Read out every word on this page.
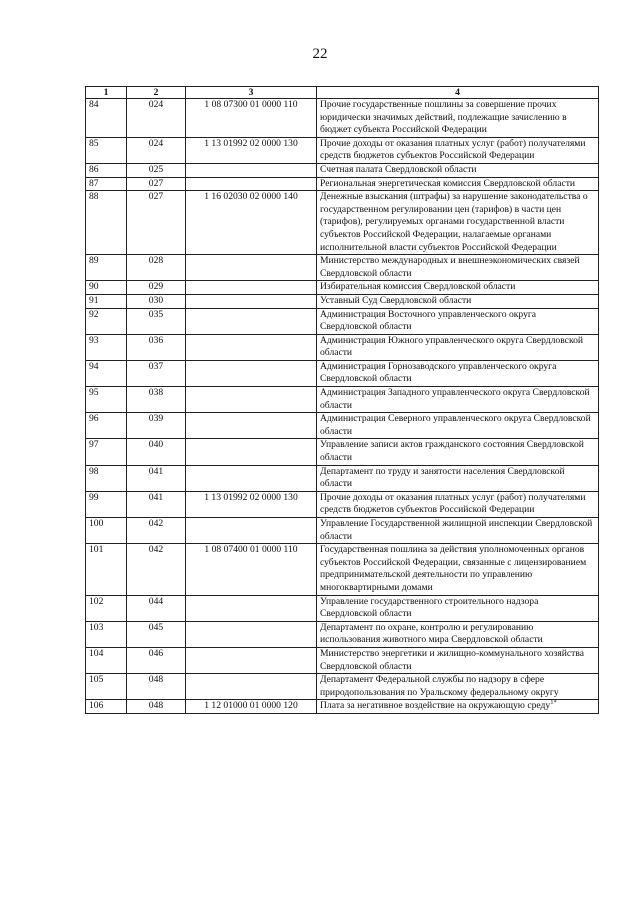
22
1	2	3	4
84	024	1 08 07300 01 0000 110	Прочие государственные пошлины за совершение прочих юридически значимых действий, подлежащие зачислению в бюджет субъекта Российской Федерации
85	024	1 13 01992 02 0000 130	Прочие доходы от оказания платных услуг (работ) получателями средств бюджетов субъектов Российской Федерации
86	025		Счетная палата Свердловской области
87	027		Региональная энергетическая комиссия Свердловской области
88	027	1 16 02030 02 0000 140	Денежные взыскания (штрафы) за нарушение законодательства о государственном регулировании цен (тарифов) в части цен (тарифов), регулируемых органами государственной власти субъектов Российской Федерации, налагаемые органами исполнительной власти субъектов Российской Федерации
89	028		Министерство международных и внешнеэкономических связей Свердловской области
90	029		Избирательная комиссия Свердловской области
91	030		Уставный Суд Свердловской области
92	035		Администрация Восточного управленческого округа Свердловской области
93	036		Администрация Южного управленческого округа Свердловской области
94	037		Администрация Горнозаводского управленческого округа Свердловской области
95	038		Администрация Западного управленческого округа Свердловской области
96	039		Администрация Северного управленческого округа Свердловской области
97	040		Управление записи актов гражданского состояния Свердловской области
98	041		Департамент по труду и занятости населения Свердловской области
99	041	1 13 01992 02 0000 130	Прочие доходы от оказания платных услуг (работ) получателями средств бюджетов субъектов Российской Федерации
100	042		Управление Государственной жилищной инспекции Свердловской области
101	042	1 08 07400 01 0000 110	Государственная пошлина за действия уполномоченных органов субъектов Российской Федерации, связанные с лицензированием предпринимательской деятельности по управлению многоквартирными домами
102	044		Управление государственного строительного надзора Свердловской области
103	045		Департамент по охране, контролю и регулированию использования животного мира Свердловской области
104	046		Министерство энергетики и жилищно-коммунального хозяйства Свердловской области
105	048		Департамент Федеральной службы по надзору в сфере природопользования по Уральскому федеральному округу
106	048	1 12 01000 01 0000 120	Плата за негативное воздействие на окружающую среду$^{1*}$
